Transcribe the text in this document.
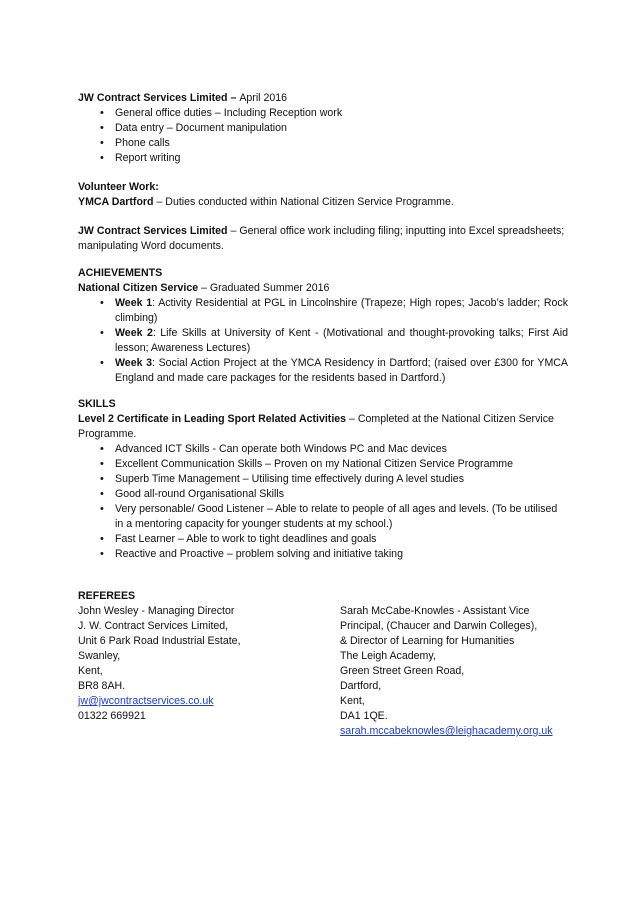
JW Contract Services Limited – April 2016

• General office duties – Including Reception work
• Data entry – Document manipulation
• Phone calls
• Report writing

Volunteer Work:

YMCA Dartford – Duties conducted within National Citizen Service Programme.

JW Contract Services Limited – General office work including filing; inputting into Excel spreadsheets; manipulating Word documents.

ACHIEVEMENTS

National Citizen Service – Graduated Summer 2016

• Week 1: Activity Residential at PGL in Lincolnshire (Trapeze; High ropes; Jacob’s ladder; Rock climbing)
• Week 2: Life Skills at University of Kent - (Motivational and thought-provoking talks; First Aid lesson; Awareness Lectures)
• Week 3: Social Action Project at the YMCA Residency in Dartford; (raised over £300 for YMCA England and made care packages for the residents based in Dartford.)

SKILLS

Level 2 Certificate in Leading Sport Related Activities – Completed at the National Citizen Service Programme.

• Advanced ICT Skills - Can operate both Windows PC and Mac devices
• Excellent Communication Skills – Proven on my National Citizen Service Programme
• Superb Time Management – Utilising time effectively during A level studies
• Good all-round Organisational Skills
• Very personable/ Good Listener – Able to relate to people of all ages and levels. (To be utilised in a mentoring capacity for younger students at my school.)
• Fast Learner – Able to work to tight deadlines and goals
• Reactive and Proactive – problem solving and initiative taking

REFEREES

John Wesley - Managing Director

J. W. Contract Services Limited,

Unit 6 Park Road Industrial Estate,

Swanley,

Kent,

BR8 8AH.

jw@jwcontractservices.co.uk

01322 669921

Sarah McCabe-Knowles - Assistant Vice

Principal, (Chaucer and Darwin Colleges),

& Director of Learning for Humanities

The Leigh Academy,

Green Street Green Road,

Dartford,

Kent,

DA1 1QE.

sarah.mccabeknowles@leighacademy.org.uk
